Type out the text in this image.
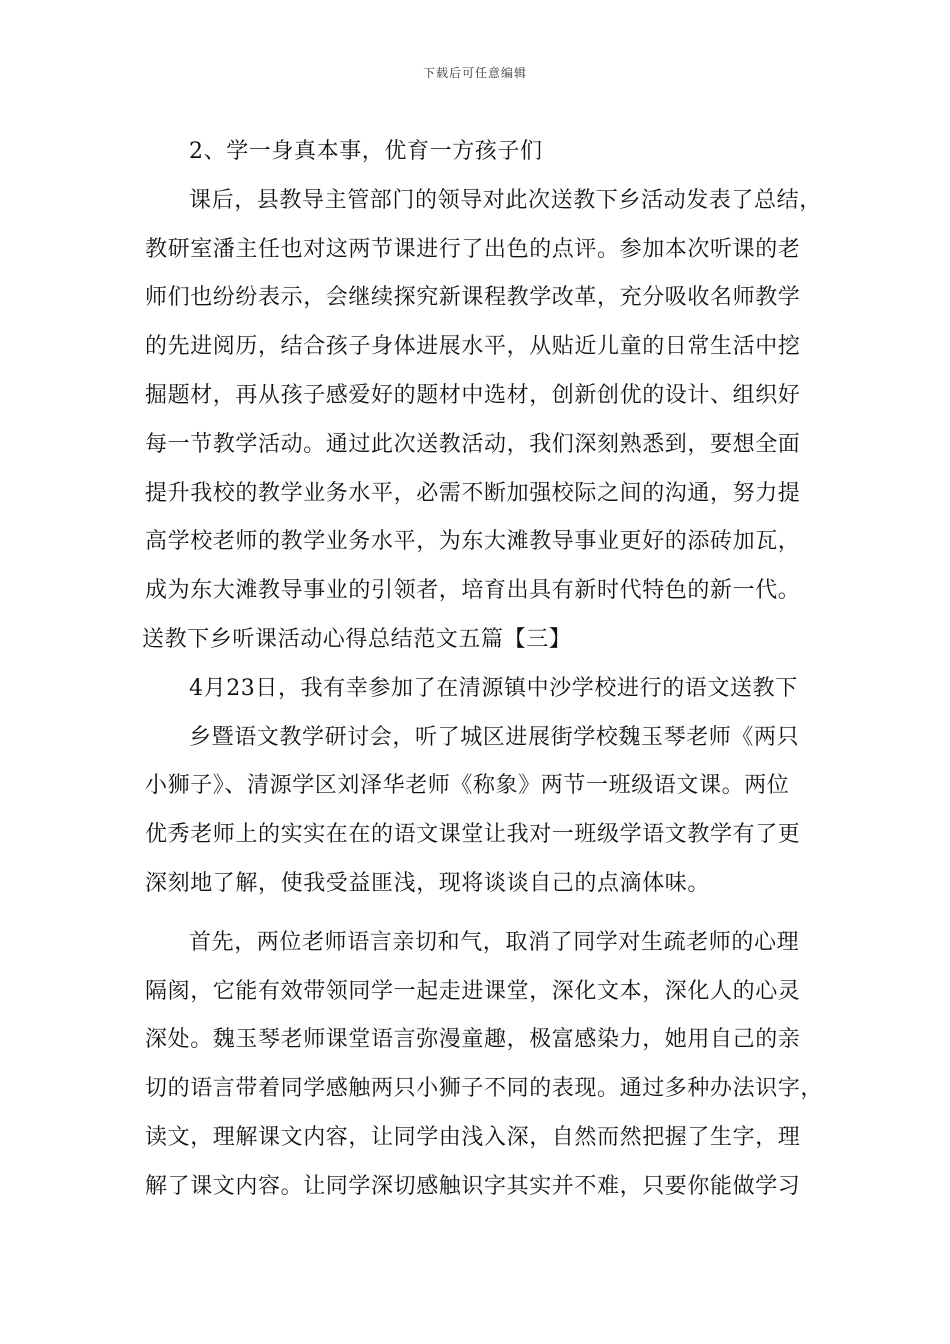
下载后可任意编辑
2、学一身真本事，优育一方孩子们
课后，县教导主管部门的领导对此次送教下乡活动发表了总结，
教研室潘主任也对这两节课进行了出色的点评。参加本次听课的老
师们也纷纷表示，会继续探究新课程教学改革，充分吸收名师教学
的先进阅历，结合孩子身体进展水平，从贴近儿童的日常生活中挖
掘题材，再从孩子感爱好的题材中选材，创新创优的设计、组织好
每一节教学活动。通过此次送教活动，我们深刻熟悉到，要想全面
提升我校的教学业务水平，必需不断加强校际之间的沟通，努力提
高学校老师的教学业务水平，为东大滩教导事业更好的添砖加瓦，
成为东大滩教导事业的引领者，培育出具有新时代特色的新一代。
送教下乡听课活动心得总结范文五篇【三】
4月23日，我有幸参加了在清源镇中沙学校进行的语文送教下
乡暨语文教学研讨会，听了城区进展街学校魏玉琴老师《两只
小狮子》、清源学区刘泽华老师《称象》两节一班级语文课。两位
优秀老师上的实实在在的语文课堂让我对一班级学语文教学有了更
深刻地了解，使我受益匪浅，现将谈谈自己的点滴体味。
首先，两位老师语言亲切和气，取消了同学对生疏老师的心理
隔阂，它能有效带领同学一起走进课堂，深化文本，深化人的心灵
深处。魏玉琴老师课堂语言弥漫童趣，极富感染力，她用自己的亲
切的语言带着同学感触两只小狮子不同的表现。通过多种办法识字，
读文，理解课文内容，让同学由浅入深，自然而然把握了生字，理
解了课文内容。让同学深切感触识字其实并不难，只要你能做学习
